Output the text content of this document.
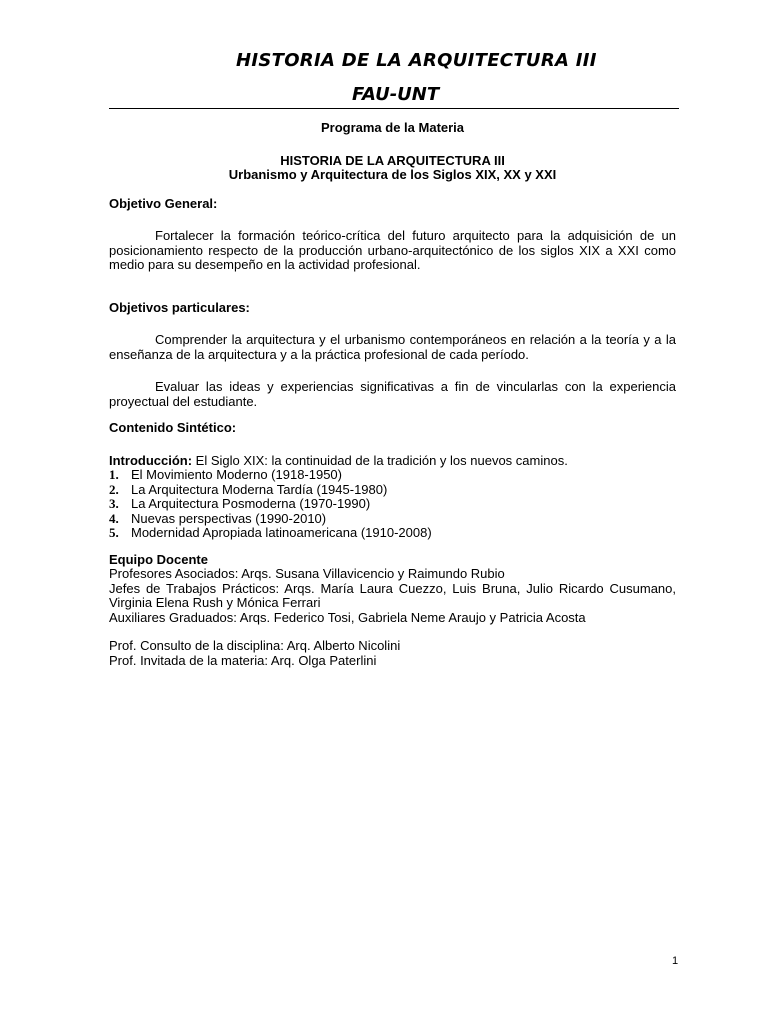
HISTORIA DE LA ARQUITECTURA III
FAU-UNT

Programa de la Materia

HISTORIA DE LA ARQUITECTURA III

Urbanismo y Arquitectura de los Siglos XIX, XX y XXI

Objetivo General:

Fortalecer la formación teórico-crítica del futuro arquitecto para la adquisición de un posicionamiento respecto de la producción urbano-arquitectónico de los siglos XIX a XXI como medio para su desempeño en la actividad profesional.

Objetivos particulares:

Comprender la arquitectura y el urbanismo contemporáneos en relación a la teoría y a la enseñanza de la arquitectura y a la práctica profesional de cada período.

Evaluar las ideas y experiencias significativas a fin de vincularlas con la experiencia proyectual del estudiante.

Contenido Sintético:

Introducción: El Siglo XIX: la continuidad de la tradición y los nuevos caminos.

1. El Movimiento Moderno (1918-1950)
2. La Arquitectura Moderna Tardía (1945-1980)
3. La Arquitectura Posmoderna (1970-1990)
4. Nuevas perspectivas (1990-2010)
5. Modernidad Apropiada latinoamericana (1910-2008)

Equipo Docente

Profesores Asociados: Arqs. Susana Villavicencio y Raimundo Rubio

Jefes de Trabajos Prácticos: Arqs. María Laura Cuezzo, Luis Bruna, Julio Ricardo Cusumano, Virginia Elena Rush y Mónica Ferrari

Auxiliares Graduados: Arqs. Federico Tosi, Gabriela Neme Araujo y Patricia Acosta

Prof. Consulto de la disciplina: Arq. Alberto Nicolini

Prof. Invitada de la materia: Arq. Olga Paterlini

1
